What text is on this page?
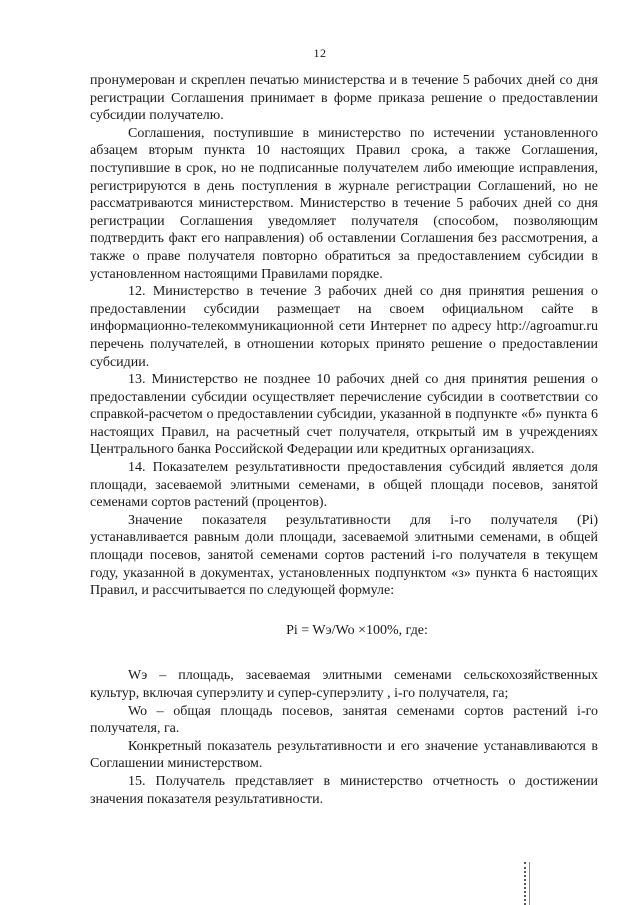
12

пронумерован и скреплен печатью министерства и в течение 5 рабочих дней со дня регистрации Соглашения принимает в форме приказа решение о предоставлении субсидии получателю.

Соглашения, поступившие в министерство по истечении установленного абзацем вторым пункта 10 настоящих Правил срока, а также Соглашения, поступившие в срок, но не подписанные получателем либо имеющие исправления, регистрируются в день поступления в журнале регистрации Соглашений, но не рассматриваются министерством. Министерство в течение 5 рабочих дней со дня регистрации Соглашения уведомляет получателя (способом, позволяющим подтвердить факт его направления) об оставлении Соглашения без рассмотрения, а также о праве получателя повторно обратиться за предоставлением субсидии в установленном настоящими Правилами порядке.

12. Министерство в течение 3 рабочих дней со дня принятия решения о предоставлении субсидии размещает на своем официальном сайте в информационно-телекоммуникационной сети Интернет по адресу http://agroamur.ru перечень получателей, в отношении которых принято решение о предоставлении субсидии.

13. Министерство не позднее 10 рабочих дней со дня принятия решения о предоставлении субсидии осуществляет перечисление субсидии в соответствии со справкой-расчетом о предоставлении субсидии, указанной в подпункте «б» пункта 6 настоящих Правил, на расчетный счет получателя, открытый им в учреждениях Центрального банка Российской Федерации или кредитных организациях.

14. Показателем результативности предоставления субсидий является доля площади, засеваемой элитными семенами, в общей площади посевов, занятой семенами сортов растений (процентов).

Значение показателя результативности для i-го получателя (Pi) устанавливается равным доли площади, засеваемой элитными семенами, в общей площади посевов, занятой семенами сортов растений i-го получателя в текущем году, указанной в документах, установленных подпунктом «з» пункта 6 настоящих Правил, и рассчитывается по следующей формуле:

Pi = Wэ/Wo ×100%, где:

Wэ – площадь, засеваемая элитными семенами сельскохозяйственных культур, включая суперэлиту и супер-суперэлиту , i-го получателя, га;

Wo – общая площадь посевов, занятая семенами сортов растений i-го получателя, га.

Конкретный показатель результативности и его значение устанавливаются в Соглашении министерством.

15. Получатель представляет в министерство отчетность о достижении значения показателя результативности.
